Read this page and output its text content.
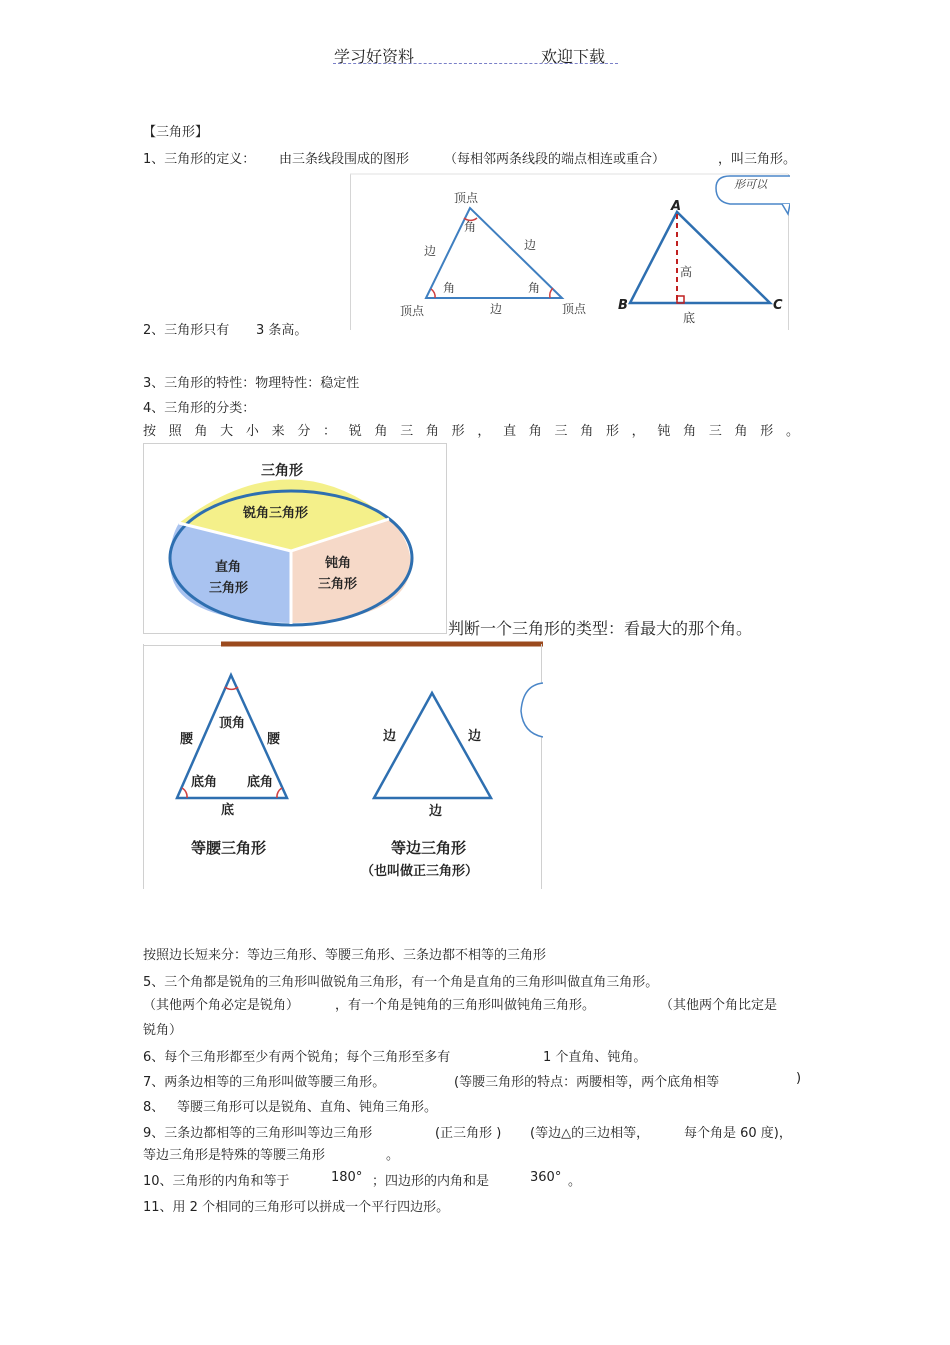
学习好资料	欢迎下载
【三角形】
1、三角形的定义： 由三条线段围成的图形	（每相邻两条线段的端点相连或重合）	，叫三角形。
顶点
角
边	边
角	角
顶点	边	顶点
A
B	C
高
底
形可以
2、三角形只有 3 条高。
3、三角形的特性：物理特性：稳定性
4、三角形的分类：
按 照 角 大 小 来 分 ： 锐 角 三 角 形 ， 直 角 三 角 形 ， 钝 角 三 角 形 。
三角形
锐角三角形
直角
三角形
钝角
三角形
判断一个三角形的类型：看最大的那个角。
顶角
腰	腰
底角 底角
底
等腰三角形
边	边
边
等边三角形
（也叫做正三角形）
按照边长短来分：等边三角形、等腰三角形、三条边都不相等的三角形
5、三个角都是锐角的三角形叫做锐角三角形，有一个角是直角的三角形叫做直角三角形。
（其他两个角必定是锐角）	，有一个角是钝角的三角形叫做钝角三角形。	（其他两个角比定是
锐角）
6、每个三角形都至少有两个锐角；每个三角形至多有	1 个直角、钝角。
7、两条边相等的三角形叫做等腰三角形。	(等腰三角形的特点：两腰相等，两个底角相等	)
8、 等腰三角形可以是锐角、直角、钝角三角形。
9、三条边都相等的三角形叫等边三角形	(正三角形 ) (等边△的三边相等，	每个角是 60 度)，
等边三角形是特殊的等腰三角形	。
10、三角形的内角和等于	180° ；四边形的内角和是	360° 。
11、用 2 个相同的三角形可以拼成一个平行四边形。
